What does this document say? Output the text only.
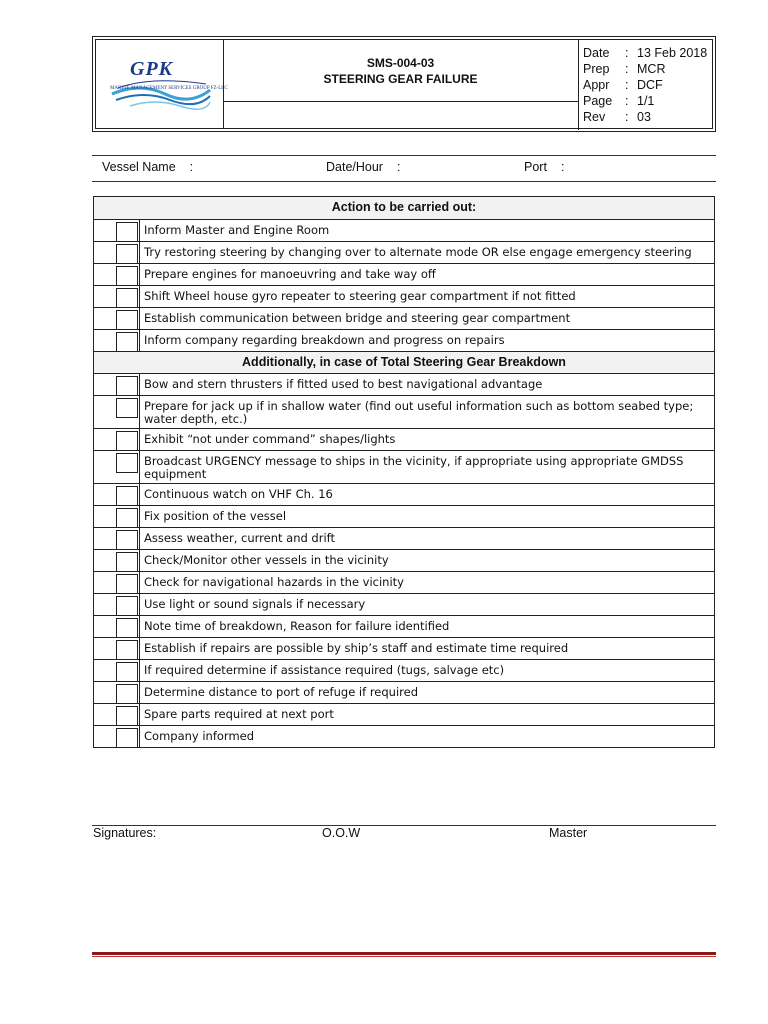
GPK
MARINE MANAGEMENT SERVICES GROUP FZ-LLC
SMS-004-03
STEERING GEAR FAILURE
Date : 13 Feb 2018
Prep : MCR
Appr : DCF
Page : 1/1
Rev : 03
Vessel Name :	Date/Hour :	Port :
Action to be carried out:
Inform Master and Engine Room
Try restoring steering by changing over to alternate mode OR else engage emergency steering
Prepare engines for manoeuvring and take way off
Shift Wheel house gyro repeater to steering gear compartment if not fitted
Establish communication between bridge and steering gear compartment
Inform company regarding breakdown and progress on repairs
Additionally, in case of Total Steering Gear Breakdown
Bow and stern thrusters if fitted used to best navigational advantage
Prepare for jack up if in shallow water (find out useful information such as bottom seabed type; water depth, etc.)
Exhibit “not under command” shapes/lights
Broadcast URGENCY message to ships in the vicinity, if appropriate using appropriate GMDSS equipment
Continuous watch on VHF Ch. 16
Fix position of the vessel
Assess weather, current and drift
Check/Monitor other vessels in the vicinity
Check for navigational hazards in the vicinity
Use light or sound signals if necessary
Note time of breakdown, Reason for failure identified
Establish if repairs are possible by ship’s staff and estimate time required
If required determine if assistance required (tugs, salvage etc)
Determine distance to port of refuge if required
Spare parts required at next port
Company informed
Signatures:	O.O.W	Master
